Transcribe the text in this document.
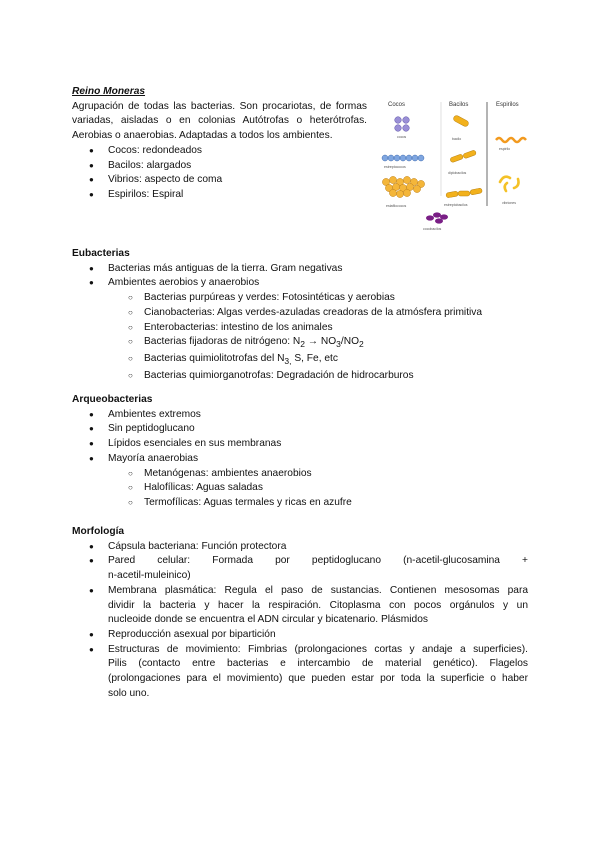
Reino Moneras
Agrupación de todas las bacterias. Son procariotas, de formas variadas, aisladas o en colonias Autótrofas o heterótrofas. Aerobias o anaerobias. Adaptadas a todos los ambientes.
● Cocos: redondeados
● Bacilos: alargados
● Vibrios: aspecto de coma
● Espirilos: Espiral
Cocos	Bacilos	Espirilos
cocos	bacilo
espirilo
estreptococos
diplobacilos
estafilococos	estreptobacilos	vibriones
cocobacilos
Eubacterias
● Bacterias más antiguas de la tierra. Gram negativas
● Ambientes aerobios y anaerobios
○ Bacterias purpúreas y verdes: Fotosintéticas y aerobias
○ Cianobacterias: Algas verdes-azuladas creadoras de la atmósfera primitiva
○ Enterobacterias: intestino de los animales
○ Bacterias fijadoras de nitrógeno: $N_2 \to NO_3/NO_2$
○ Bacterias quimiolitotrofas del $N_{3,}$ S, Fe, etc
○ Bacterias quimiorganotrofas: Degradación de hidrocarburos
Arqueobacterias
● Ambientes extremos
● Sin peptidoglucano
● Lípidos esenciales en sus membranas
● Mayoría anaerobias
○ Metanógenas: ambientes anaerobios
○ Halofílicas: Aguas saladas
○ Termofílicas: Aguas termales y ricas en azufre
Morfología
● Cápsula bacteriana: Función protectora
● Pared celular: Formada por peptidoglucano (n-acetil-glucosamina +
n-acetil-muleinico)
● Membrana plasmática: Regula el paso de sustancias. Contienen mesosomas para
dividir la bacteria y hacer la respiración. Citoplasma con pocos orgánulos y un
nucleoide donde se encuentra el ADN circular y bicatenario. Plásmidos
● Reproducción asexual por bipartición
● Estructuras de movimiento: Fimbrias (prolongaciones cortas y andaje a superficies).
Pilis (contacto entre bacterias e intercambio de material genético). Flagelos
(prolongaciones para el movimiento) que pueden estar por toda la superficie o haber
solo uno.
